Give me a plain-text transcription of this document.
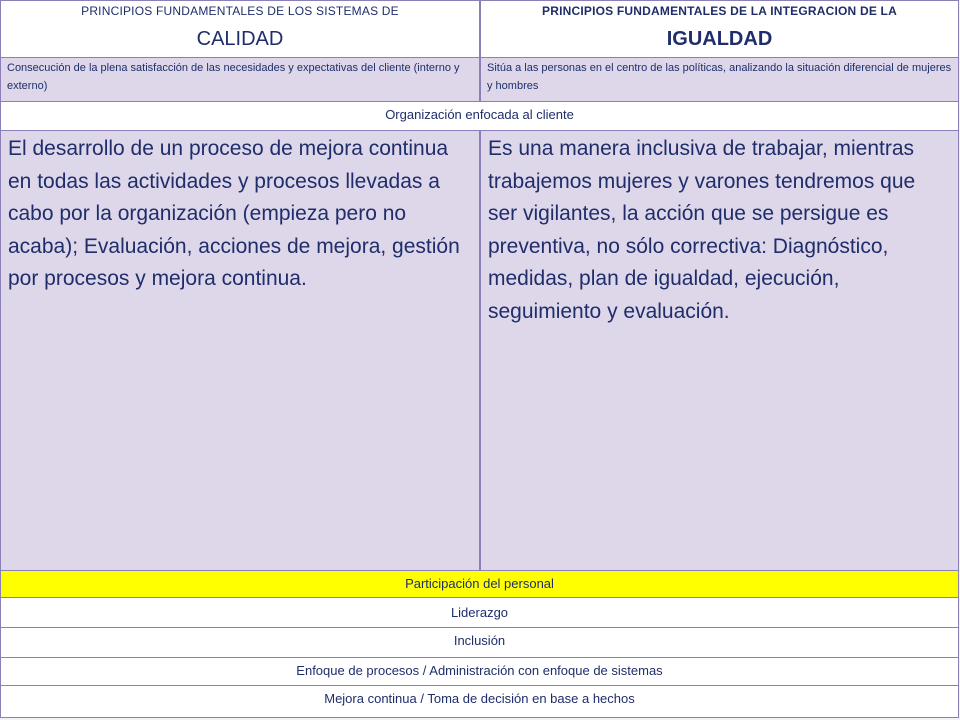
PRINCIPIOS FUNDAMENTALES DE LOS SISTEMAS DE
CALIDAD
PRINCIPIOS FUNDAMENTALES DE LA INTEGRACION DE LA
IGUALDAD
Consecución de la plena satisfacción de las necesidades y expectativas del cliente (interno y externo)
Sitúa a las personas en el centro de las políticas, analizando la situación diferencial de mujeres y hombres
Organización enfocada al cliente
El desarrollo de un proceso de mejora continua en todas las actividades y procesos llevadas a cabo por la organización (empieza pero no acaba); Evaluación, acciones de mejora, gestión por procesos y mejora continua.
Es una manera inclusiva de trabajar, mientras trabajemos mujeres y varones tendremos que ser vigilantes, la acción que se persigue es preventiva, no sólo correctiva: Diagnóstico, medidas, plan de igualdad, ejecución, seguimiento y evaluación.
Participación del personal
Liderazgo
Inclusión
Enfoque de procesos / Administración con enfoque de sistemas
Mejora continua / Toma de decisión en base a hechos
